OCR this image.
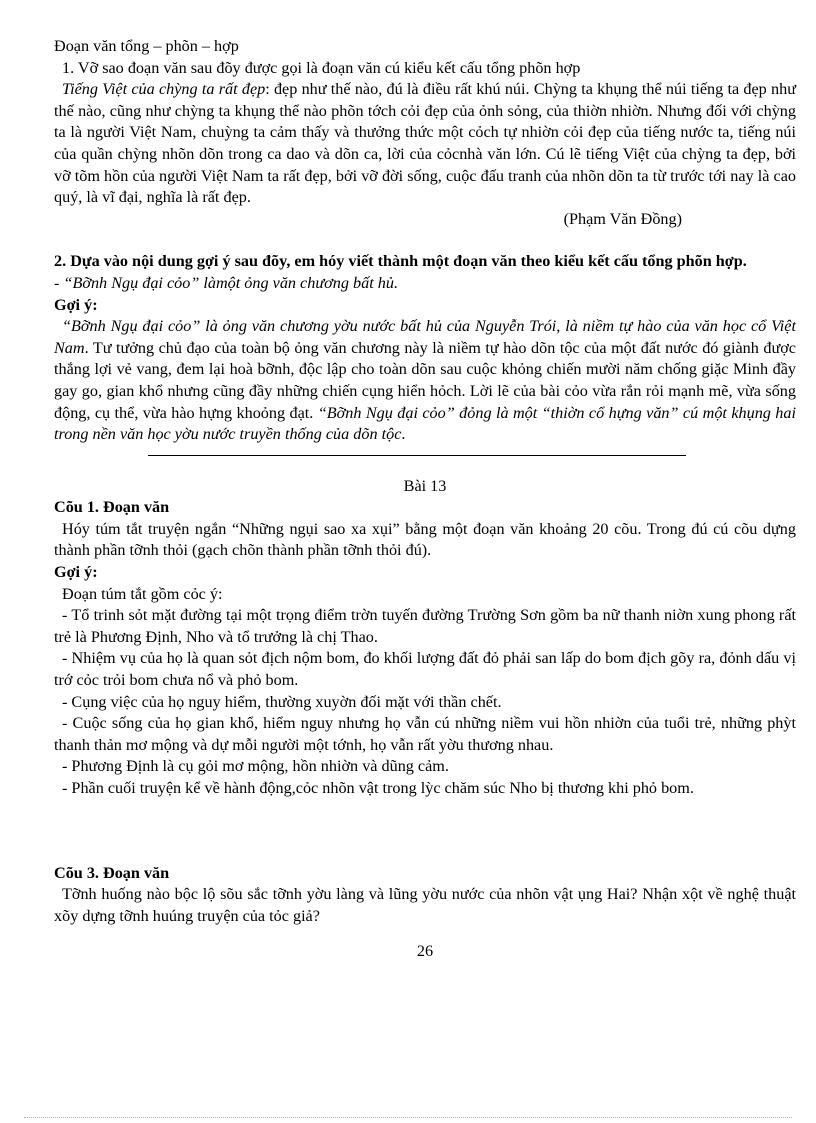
Đoạn văn tổng – phõn – hợp

1. Vỡ sao đoạn văn sau đõy được gọi là đoạn văn cú kiểu kết cấu tổng phõn hợp

Tiếng Việt của chỳng ta rất đẹp: đẹp như thế nào, đú là điều rất khú núi. Chỳng ta khụng thể núi tiếng ta đẹp như thế nào, cũng như chỳng ta khụng thể nào phõn tớch cỏi đẹp của ỏnh sỏng, của thiờn nhiờn. Nhưng đối với chỳng ta là người Việt Nam, chuỳng ta cảm thấy và thưởng thức một cỏch tự nhiờn cỏi đẹp của tiếng nước ta, tiếng núi của quần chỳng nhõn dõn trong ca dao và dõn ca, lời của cỏcnhà văn lớn. Cú lẽ tiếng Việt của chỳng ta đẹp, bởi vỡ tõm hồn của người Việt Nam ta rất đẹp, bởi vỡ đời sống, cuộc đấu tranh của nhõn dõn ta từ trước tới nay là cao quý, là vĩ đại, nghĩa là rất đẹp.

(Phạm Văn Đồng)

2. Dựa vào nội dung gợi ý sau đõy, em hóy viết thành một đoạn văn theo kiểu kết cấu tổng phõn hợp.

- “Bỡnh Ngụ đại cỏo” làmột ỏng văn chương bất hủ.

Gợi ý:

“Bỡnh Ngụ đại cỏo” là ỏng văn chương yờu nước bất hủ của Nguyễn Trói, là niềm tự hào của văn học cổ Việt Nam. Tư tưởng chủ đạo của toàn bộ ỏng văn chương này là niềm tự hào dõn tộc của một đất nước đó giành được thắng lợi vẻ vang, đem lại hoà bỡnh, độc lập cho toàn dõn sau cuộc khỏng chiến mười năm chống giặc Minh đầy gay go, gian khổ nhưng cũng đầy những chiến cụng hiển hỏch. Lời lẽ của bài cỏo vừa rắn rỏi mạnh mẽ, vừa sống động, cụ thể, vừa hào hựng khoỏng đạt. “Bỡnh Ngụ đại cỏo” đỏng là một “thiờn cổ hựng văn” cú một khụng hai trong nền văn học yờu nước truyền thống của dõn tộc.

Bài 13

Cõu 1. Đoạn văn

Hóy túm tắt truyện ngắn “Những ngụi sao xa xụi” bằng một đoạn văn khoảng 20 cõu. Trong đú cú cõu dựng thành phần tỡnh thỏi (gạch chõn thành phần tỡnh thỏi đú).

Gợi ý:

Đoạn túm tắt gồm cỏc ý:

- Tổ trinh sỏt mặt đường tại một trọng điểm trờn tuyến đường Trường Sơn gồm ba nữ thanh niờn xung phong rất trẻ là Phương Định, Nho và tổ trưởng là chị Thao.

- Nhiệm vụ của họ là quan sỏt địch nộm bom, đo khối lượng đất đỏ phải san lấp do bom địch gõy ra, đỏnh dấu vị trớ cỏc trỏi bom chưa nổ và phỏ bom.

- Cụng việc của họ nguy hiểm, thường xuyờn đối mặt với thần chết.

- Cuộc sống của họ gian khổ, hiểm nguy nhưng họ vẫn cú những niềm vui hồn nhiờn của tuổi trẻ, những phỳt thanh thản mơ mộng và dự mỗi người một tớnh, họ vẫn rất yờu thương nhau.

- Phương Định là cụ gỏi mơ mộng, hồn nhiờn và dũng cảm.

- Phần cuối truyện kể về hành động,cỏc nhõn vật trong lỳc chăm súc Nho bị thương khi phỏ bom.

Cõu 3. Đoạn văn

Tỡnh huống nào bộc lộ sõu sắc tỡnh yờu làng và lũng yờu nước của nhõn vật ụng Hai? Nhận xột về nghệ thuật xõy dựng tỡnh huúng truyện của tỏc giả?

26
